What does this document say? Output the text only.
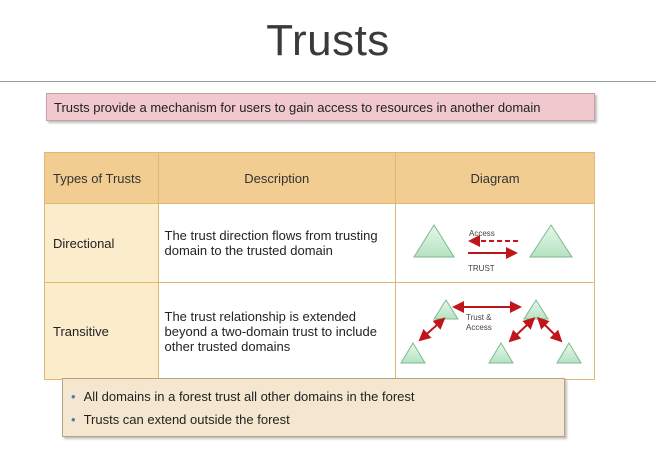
Trusts
Trusts provide a mechanism for users to gain access to resources in another domain
Types of Trusts	Description	Diagram
Directional	The trust direction flows from trusting domain to the trusted domain	Access
TRUST

Transitive	The trust relationship is extended beyond a two-domain trust to include other trusted domains	Trust &
Access
• All domains in a forest trust all other domains in the forest
• Trusts can extend outside the forest
